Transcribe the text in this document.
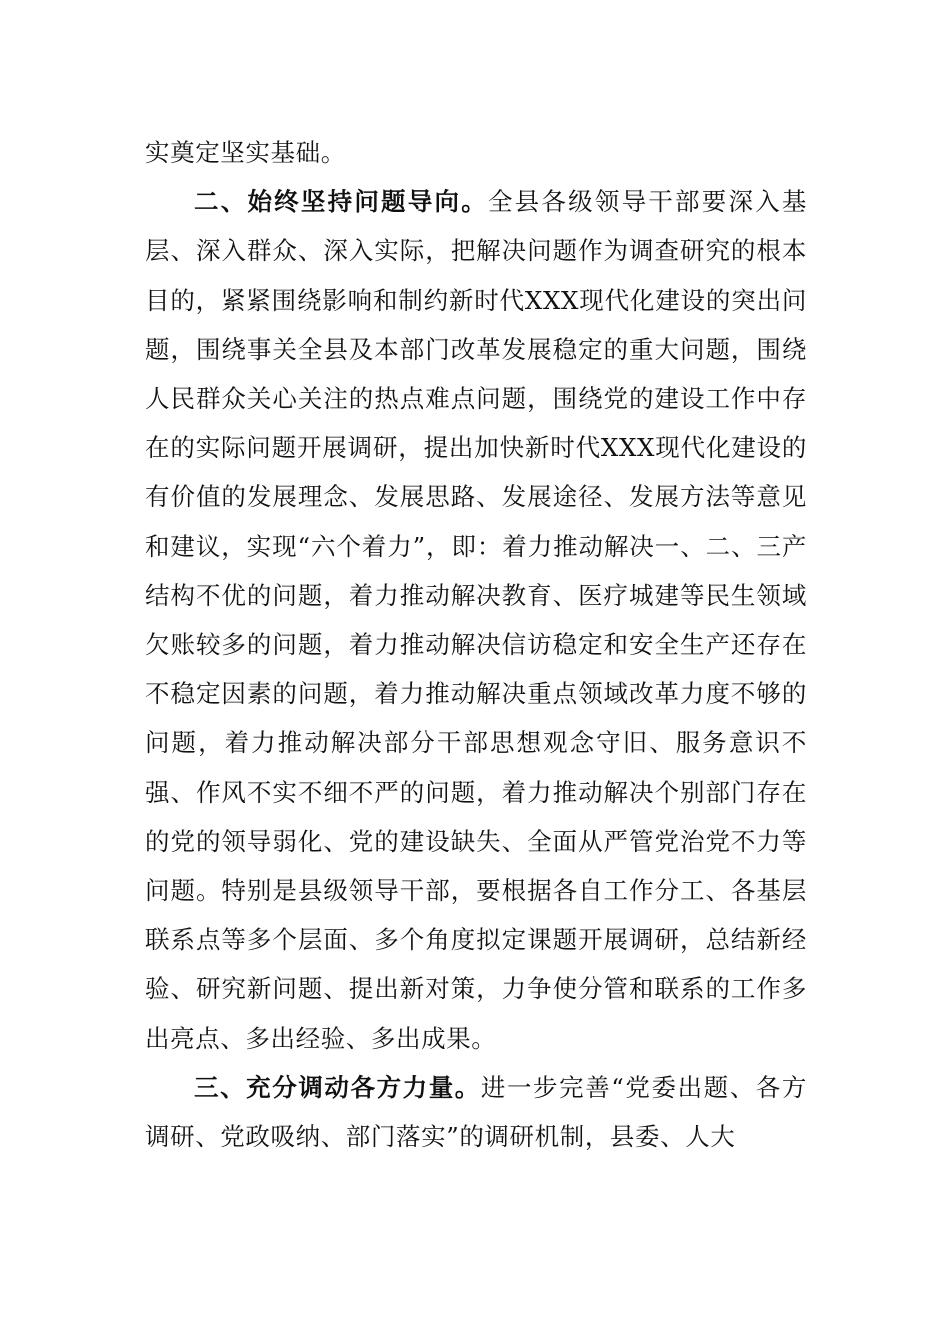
实奠定坚实基础。

二、始终坚持问题导向。全县各级领导干部要深入基层、深入群众、深入实际，把解决问题作为调查研究的根本目的，紧紧围绕影响和制约新时代XXX现代化建设的突出问题，围绕事关全县及本部门改革发展稳定的重大问题，围绕人民群众关心关注的热点难点问题，围绕党的建设工作中存在的实际问题开展调研，提出加快新时代XXX现代化建设的有价值的发展理念、发展思路、发展途径、发展方法等意见和建议，实现“六个着力”，即：着力推动解决一、二、三产结构不优的问题，着力推动解决教育、医疗城建等民生领域欠账较多的问题，着力推动解决信访稳定和安全生产还存在不稳定因素的问题，着力推动解决重点领域改革力度不够的问题，着力推动解决部分干部思想观念守旧、服务意识不强、作风不实不细不严的问题，着力推动解决个别部门存在的党的领导弱化、党的建设缺失、全面从严管党治党不力等问题。特别是县级领导干部，要根据各自工作分工、各基层联系点等多个层面、多个角度拟定课题开展调研，总结新经验、研究新问题、提出新对策，力争使分管和联系的工作多出亮点、多出经验、多出成果。

三、充分调动各方力量。进一步完善“党委出题、各方调研、党政吸纳、部门落实”的调研机制，县委、人大
